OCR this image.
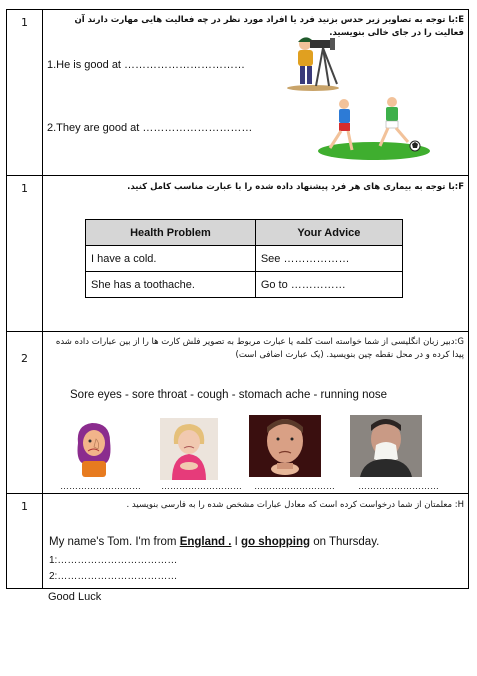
1	E:با توجه به تصاویر زیر حدس بزنید فرد یا افراد مورد نظر در چه فعالیت هایی مهارت دارند آن فعالیت را در جای خالی بنویسید.
1.He is good at ……………………………
2.They are good at …………………………
1	F:با توجه به بیماری های هر فرد پیشنهاد داده شده را با عبارت مناسب کامل کنید.
Health Problem	Your Advice
I have a cold.	See ………………
She has a toothache.	Go to ……………
2
G:دبیر زبان انگلیسی از شما خواسته است کلمه یا عبارت مربوط به تصویر فلش کارت ها را از بین عبارات داده شده پیدا کرده و در محل نقطه چین بنویسید. (یک عبارت اضافی است)
Sore eyes - sore throat - cough - stomach ache - running nose
……………………… ……………………… ………………………	………………………
1	H: معلمتان از شما درخواست کرده است که معادل عبارات مشخص شده را به فارسی بنویسید .
My name's Tom. I'm from England . I go shopping on Thursday.
1:………………………………
2:………………………………
Good Luck
